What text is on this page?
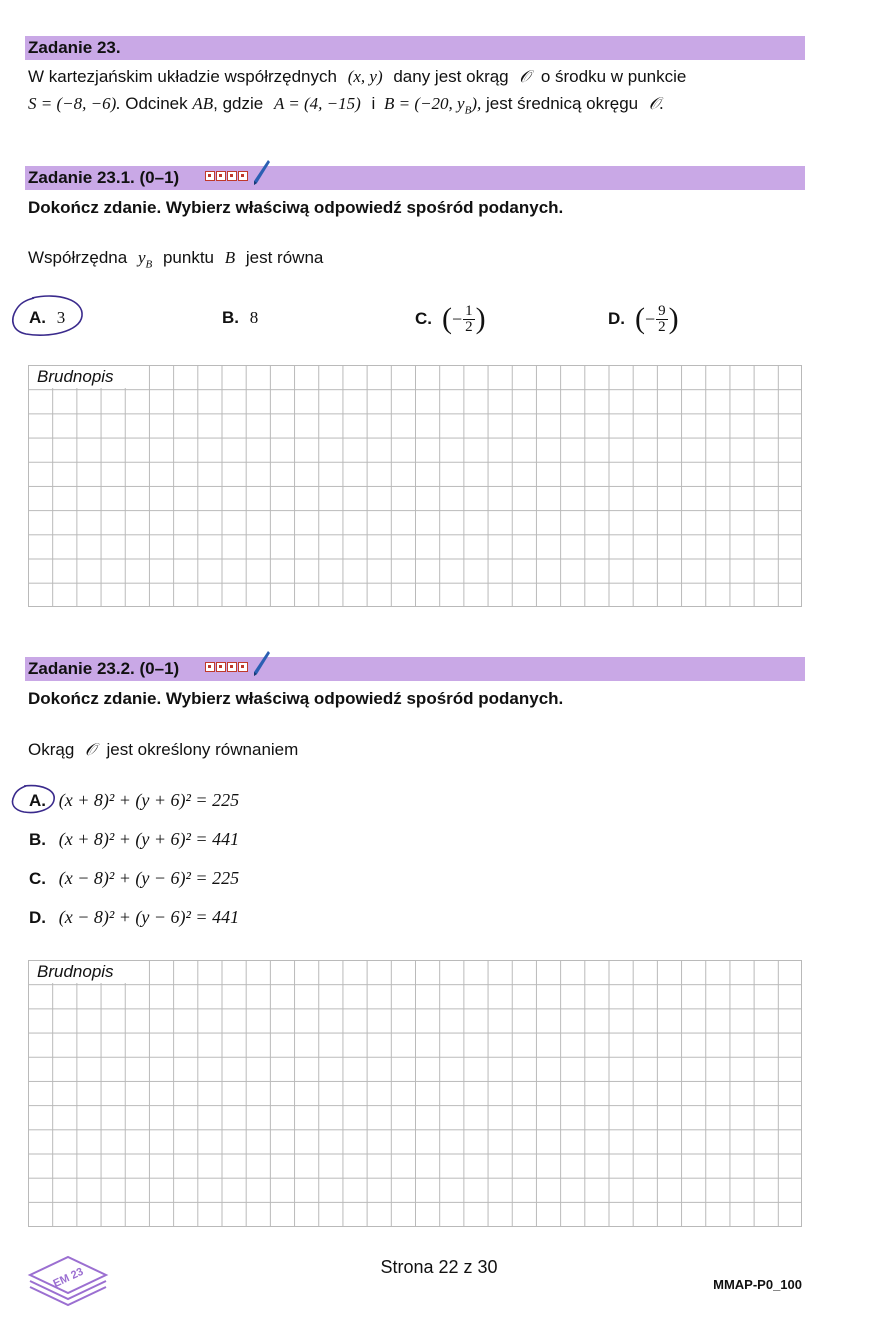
Zadanie 23.
W kartezjańskim układzie współrzędnych (x, y) dany jest okrąg 𝒪 o środku w punkcie
S = (−8, −6). Odcinek AB, gdzie A = (4, −15) i B = (−20, $y_B$), jest średnicą okręgu 𝒪.
Zadanie 23.1. (0–1)
Dokończ zdanie. Wybierz właściwą odpowiedź spośród podanych.
Współrzędna $y_B$ punktu B jest równa
A. 3	B. 8	C. ( − $\frac{1}{2}$ )	D. ( − $\frac{9}{2}$ )
Brudnopis
Zadanie 23.2. (0–1)
Dokończ zdanie. Wybierz właściwą odpowiedź spośród podanych.
Okrąg 𝒪 jest określony równaniem
A. (x + 8)² + (y + 6)² = 225
B. (x + 8)² + (y + 6)² = 441
C. (x − 8)² + (y − 6)² = 225
D. (x − 8)² + (y − 6)² = 441
Brudnopis
EM 23	Strona 22 z 30
MMAP-P0_100
